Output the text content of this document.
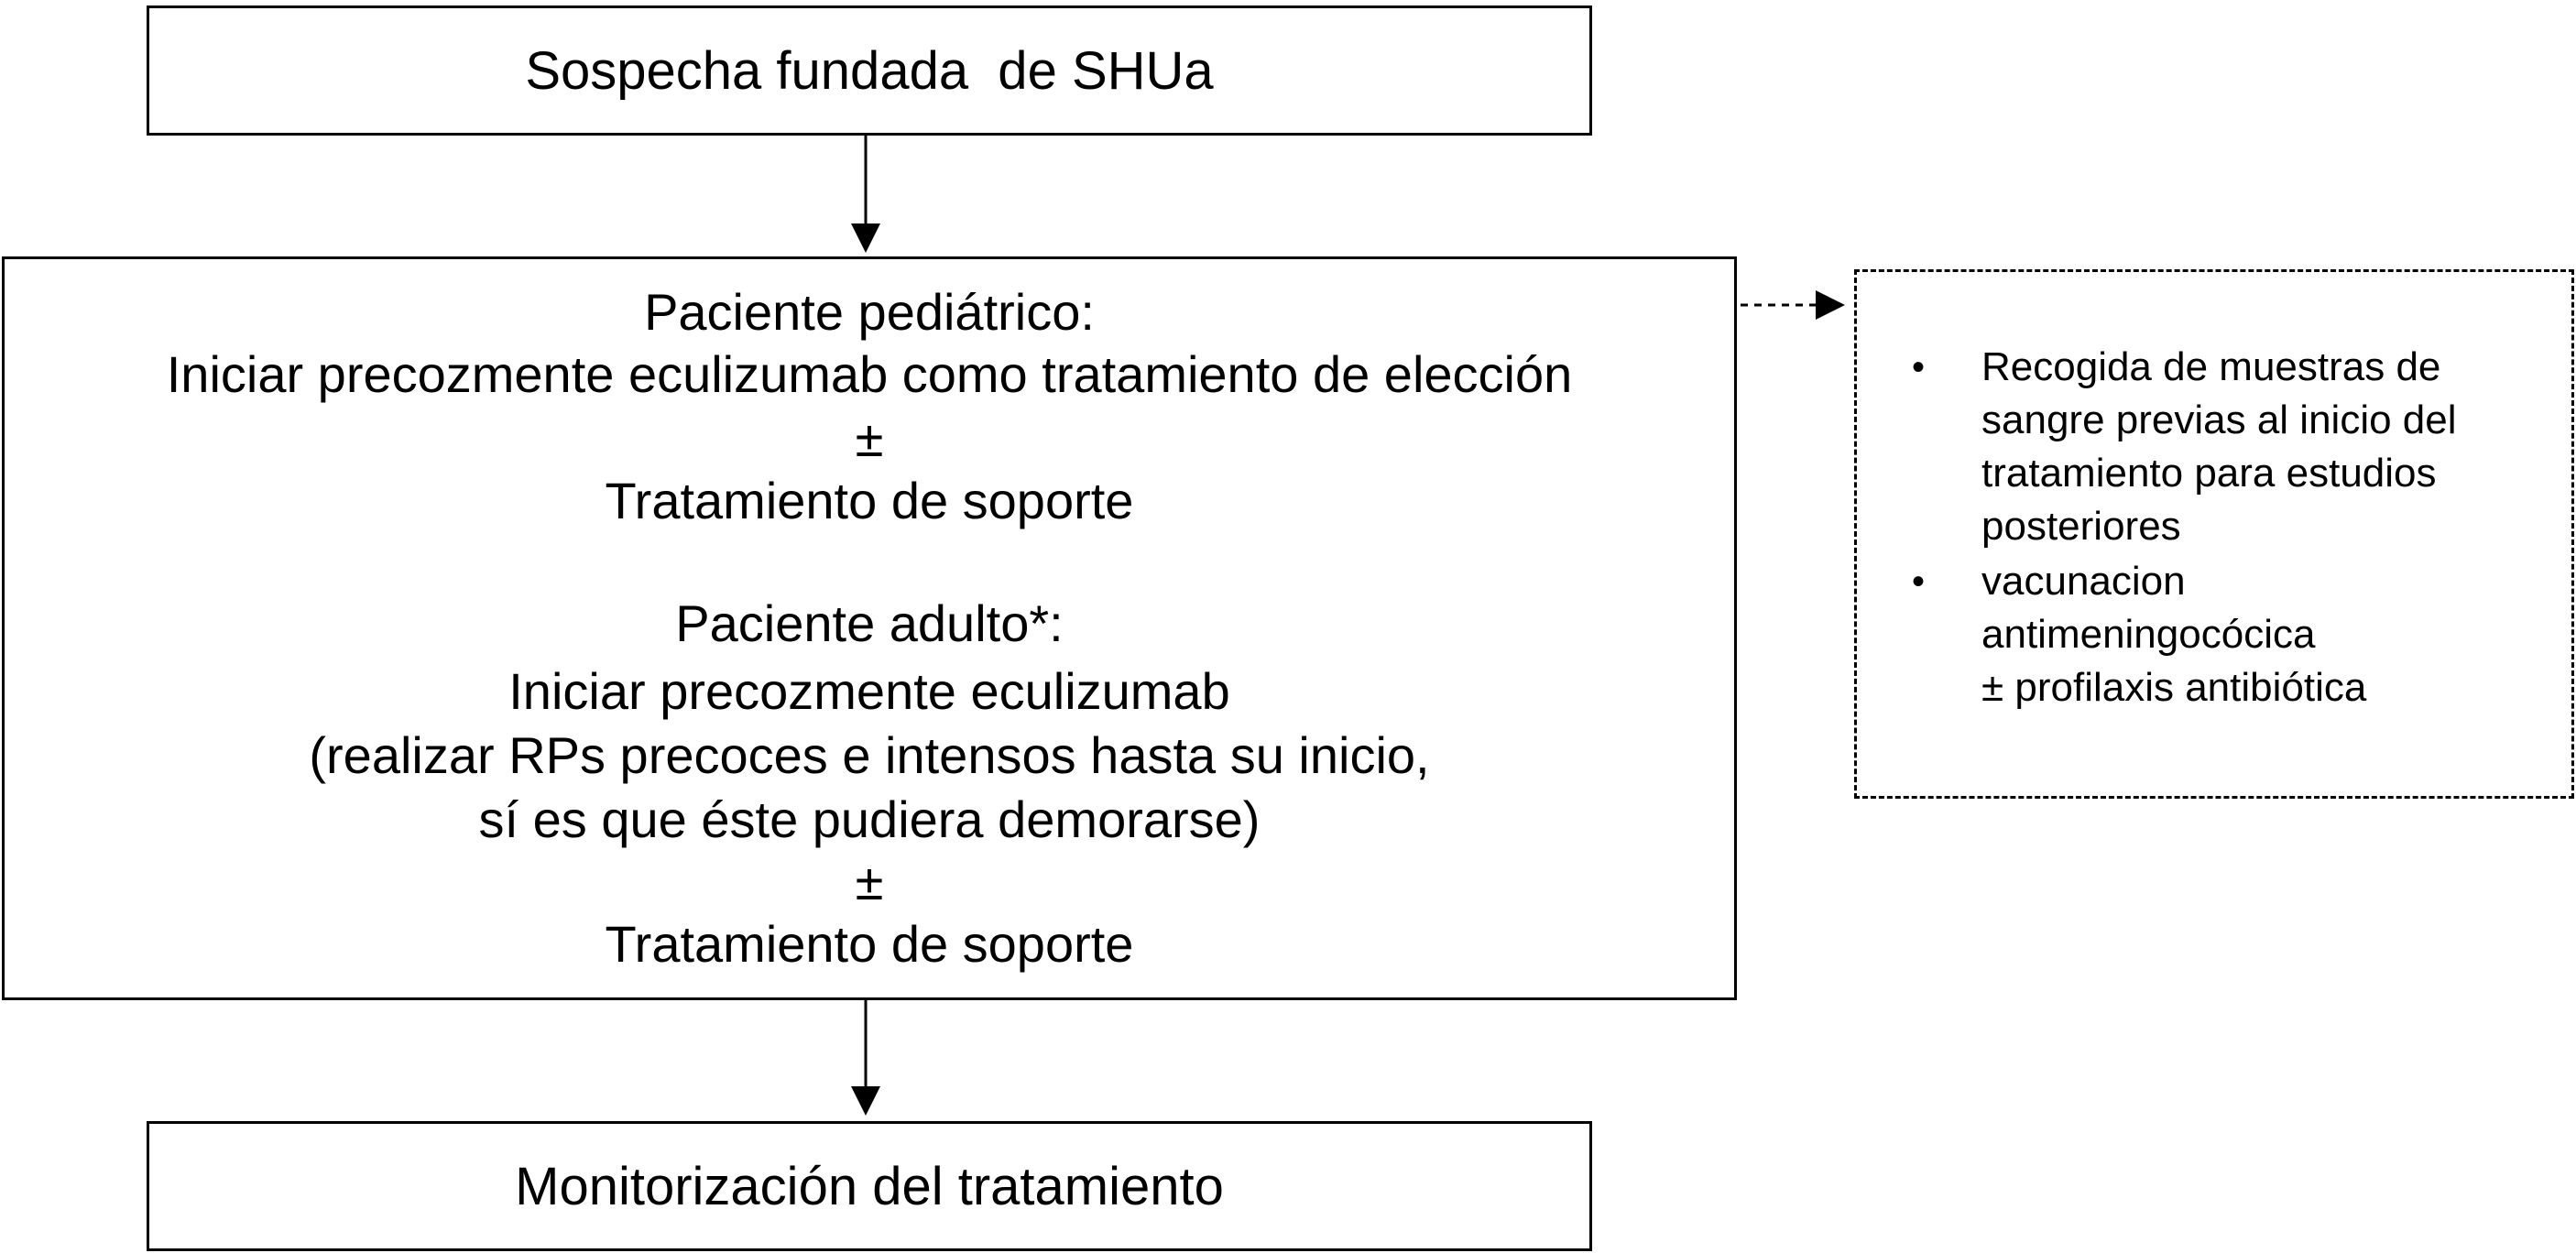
Sospecha fundada  de SHUa
Paciente pediátrico:
Iniciar precozmente eculizumab como tratamiento de elección
±
Tratamiento de soporte
Paciente adulto*:
Iniciar precozmente eculizumab
(realizar RPs precoces e intensos hasta su inicio,
sí es que éste pudiera demorarse)
±
Tratamiento de soporte
Monitorización del tratamiento
• Recogida de muestras de
sangre previas al inicio del
tratamiento para estudios
posteriores
• vacunacion
antimeningocócica
± profilaxis antibiótica
